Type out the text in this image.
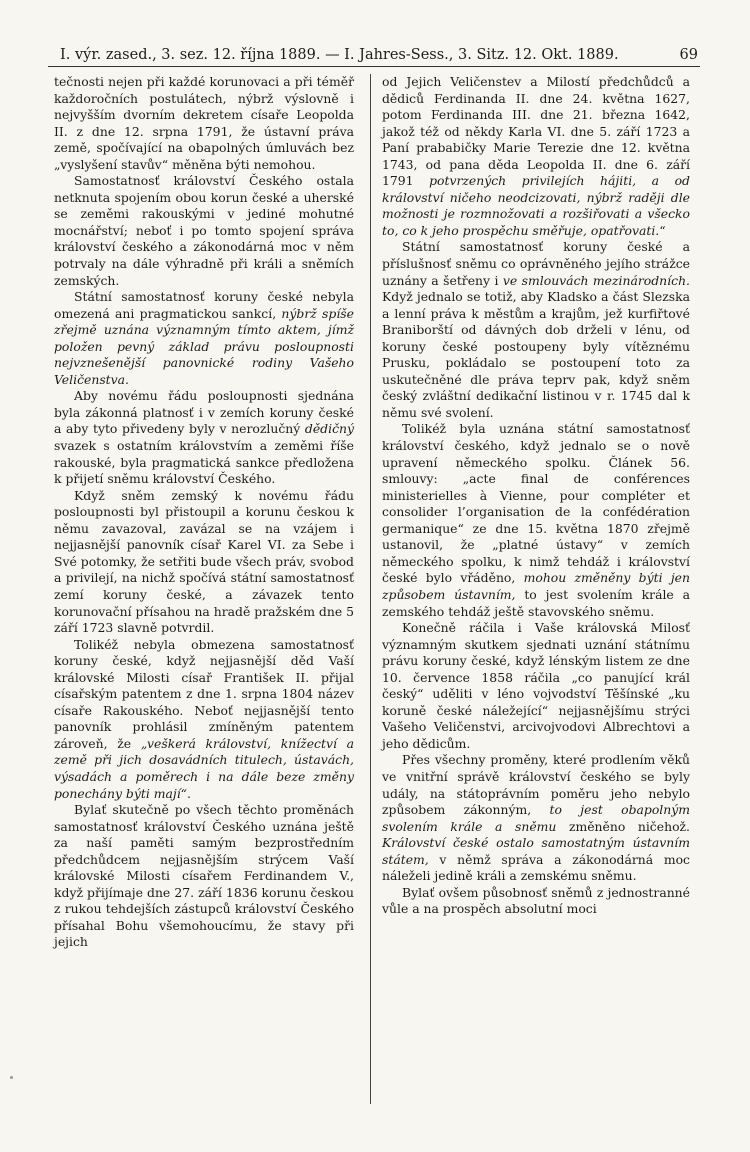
I. výr. zased., 3. sez. 12. října 1889. — I. Jahres-Sess., 3. Sitz. 12. Okt. 1889.	69

tečnosti nejen při každé korunovaci a při téměř každoročních postulátech, nýbrž výslovně i nejvyšším dvorním dekretem císaře Leopolda II. z dne 12. srpna 1791, že ústavní práva země, spočívající na obapolných úmluvách bez „vyslyšení stavův“ měněna býti nemohou.

Samostatnosť království Českého ostala netknuta spojením obou korun české a uherské se zeměmi rakouskými v jediné mohutné mocnářství; neboť i po tomto spojení správa království českého a zákonodárná moc v něm potrvaly na dále výhradně při králi a sněmích zemských.

Státní samostatnosť koruny české nebyla omezená ani pragmatickou sankcí, nýbrž spíše zřejmě uznána významným tímto aktem, jímž položen pevný základ právu posloupnosti nejvznešenější panovnické rodiny Vašeho Veličenstva.

Aby novému řádu posloupnosti sjednána byla zákonná platnosť i v zemích koruny české a aby tyto přivedeny byly v nerozlučný dědičný svazek s ostatním královstvím a zeměmi říše rakouské, byla pragmatická sankce předložena k přijetí sněmu království Českého.

Když sněm zemský k novému řádu posloupnosti byl přistoupil a korunu českou k němu zavazoval, zavázal se na vzájem i nejjasnější panovník císař Karel VI. za Sebe i Své potomky, že setřiti bude všech práv, svobod a privilejí, na nichž spočívá státní samostatnosť zemí koruny české, a závazek tento korunovační přísahou na hradě pražském dne 5 září 1723 slavně potvrdil.

Tolikéž nebyla obmezena samostatnosť koruny české, když nejjasnější děd Vaší královské Milosti císař František II. přijal císařským patentem z dne 1. srpna 1804 název císaře Rakouského. Neboť nejjasnější tento panovník prohlásil zmíněným patentem zároveň, že „veškerá království, knížectví a země při jich dosavádních titulech, ústavách, výsadách a poměrech i na dále beze změny ponechány býti mají“.

Bylať skutečně po všech těchto proměnách samostatnosť království Českého uznána ještě za naší paměti samým bezprostředním předchůdcem nejjasnějším strýcem Vaší královské Milosti císařem Ferdinandem V., když přijímaje dne 27. září 1836 korunu českou z rukou tehdejších zástupců království Českého přísahal Bohu všemohoucímu, že stavy při jejich

od Jejich Veličenstev a Milostí předchůdců a dědiců Ferdinanda II. dne 24. května 1627, potom Ferdinanda III. dne 21. března 1642, jakož též od někdy Karla VI. dne 5. září 1723 a Paní prababičky Marie Terezie dne 12. května 1743, od pana děda Leopolda II. dne 6. září 1791 potvrzených privilejích hájiti, a od království ničeho neodcizovati, nýbrž raději dle možnosti je rozmnožovati a rozšiřovati a všecko to, co k jeho prospěchu směřuje, opatřovati.“

Státní samostatnosť koruny české a příslušnosť sněmu co oprávněného jejího strážce uznány a šetřeny i ve smlouvách mezinárodních. Když jednalo se totiž, aby Kladsko a část Slezska a lenní práva k městům a krajům, jež kurfiřtové Braniborští od dávných dob drželi v lénu, od koruny české postoupeny byly vítěznému Prusku, pokládalo se postoupení toto za uskutečněné dle práva teprv pak, když sněm český zvláštní dedikační listinou v r. 1745 dal k němu své svolení.

Tolikéž byla uznána státní samostatnosť království českého, když jednalo se o nově upravení německého spolku. Článek 56. smlouvy: „acte final de conférences ministerielles à Vienne, pour compléter et consolider l’organisation de la confédération germanique“ ze dne 15. května 1870 zřejmě ustanovil, že „platné ústavy“ v zemích německého spolku, k nimž tehdáž i království české bylo vřáděno, mohou změněny býti jen způsobem ústavním, to jest svolením krále a zemského tehdáž ještě stavovského sněmu.

Konečně ráčila i Vaše královská Milosť významným skutkem sjednati uznání státnímu právu koruny české, když lénským listem ze dne 10. července 1858 ráčila „co panující král český“ uděliti v léno vojvodství Těšínské „ku koruně české náležející“ nejjasnějšímu strýci Vašeho Veličenstvi, arcivojvodovi Albrechtovi a jeho dědicům.

Přes všechny proměny, které prodlením věků ve vnitřní správě království českého se byly udály, na státoprávním poměru jeho nebylo způsobem zákonným, to jest obapolným svolením krále a sněmu změněno ničehož. Království české ostalo samostatným ústavním státem, v němž správa a zákonodárná moc náleželi jedině králi a zemskému sněmu.

Bylať ovšem působnosť sněmů z jednostranné vůle a na prospěch absolutní moci
